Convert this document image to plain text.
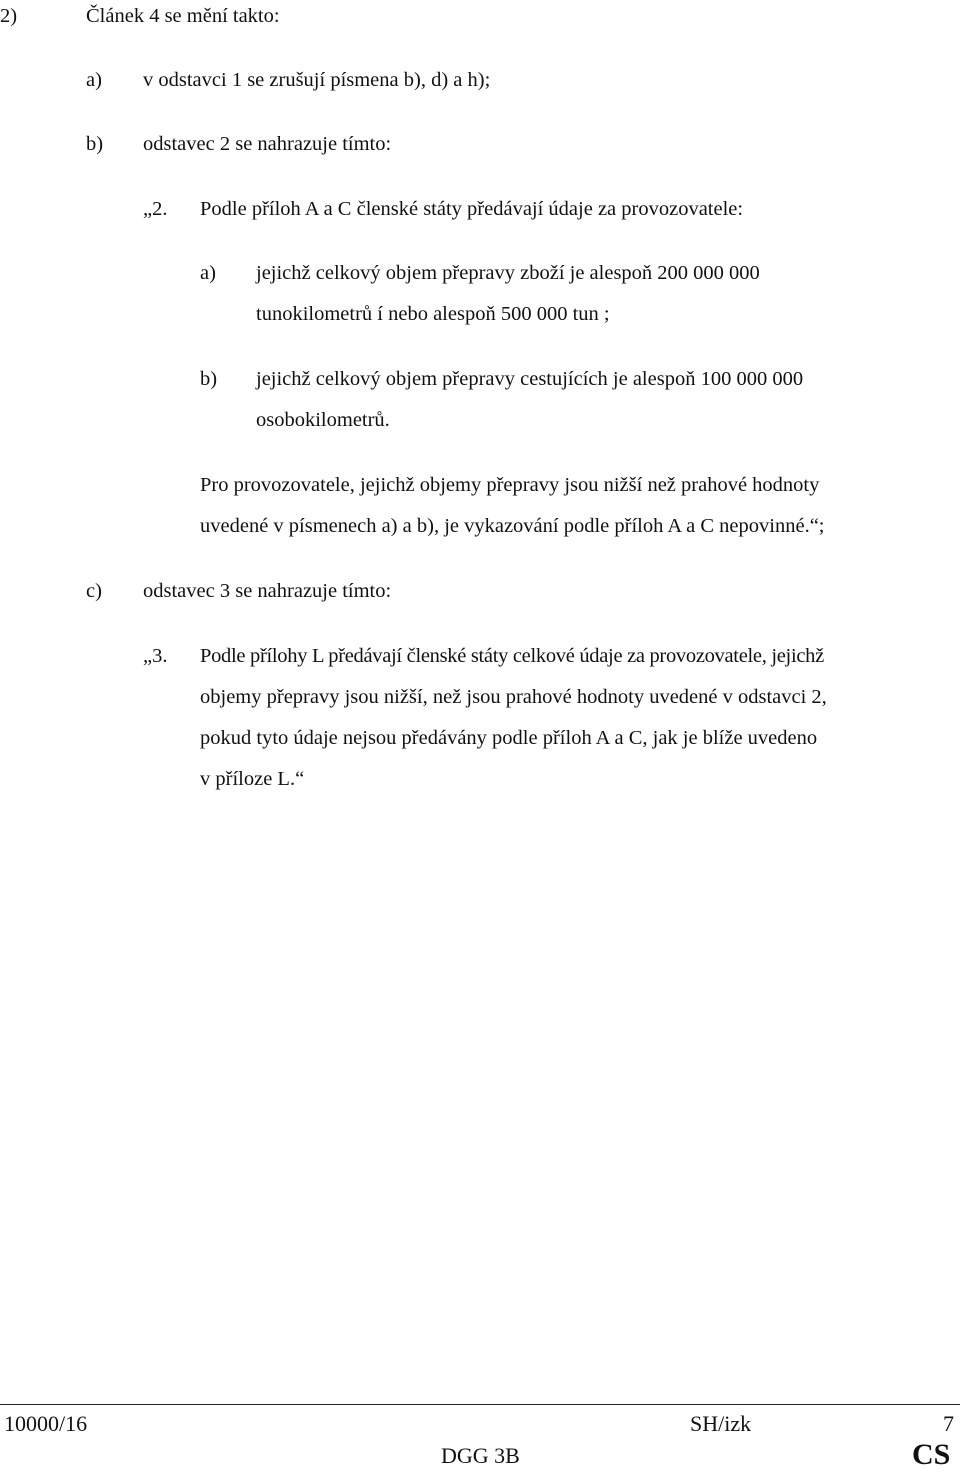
2)	Článek 4 se mění takto:
a) v odstavci 1 se zrušují písmena b), d) a h);
b) odstavec 2 se nahrazuje tímto:
„2. Podle příloh A a C členské státy předávají údaje za provozovatele:
a) jejichž celkový objem přepravy zboží je alespoň 200 000 000
tunokilometrů í nebo alespoň 500 000 tun ;
b) jejichž celkový objem přepravy cestujících je alespoň 100 000 000
osobokilometrů.
Pro provozovatele, jejichž objemy přepravy jsou nižší než prahové hodnoty
uvedené v písmenech a) a b), je vykazování podle příloh A a C nepovinné.“;
c) odstavec 3 se nahrazuje tímto:
„3. Podle přílohy L předávají členské státy celkové údaje za provozovatele, jejichž
objemy přepravy jsou nižší, než jsou prahové hodnoty uvedené v odstavci 2,
pokud tyto údaje nejsou předávány podle příloh A a C, jak je blíže uvedeno
v příloze L.“
10000/16	SH/izk	7
DGG 3B	CS
